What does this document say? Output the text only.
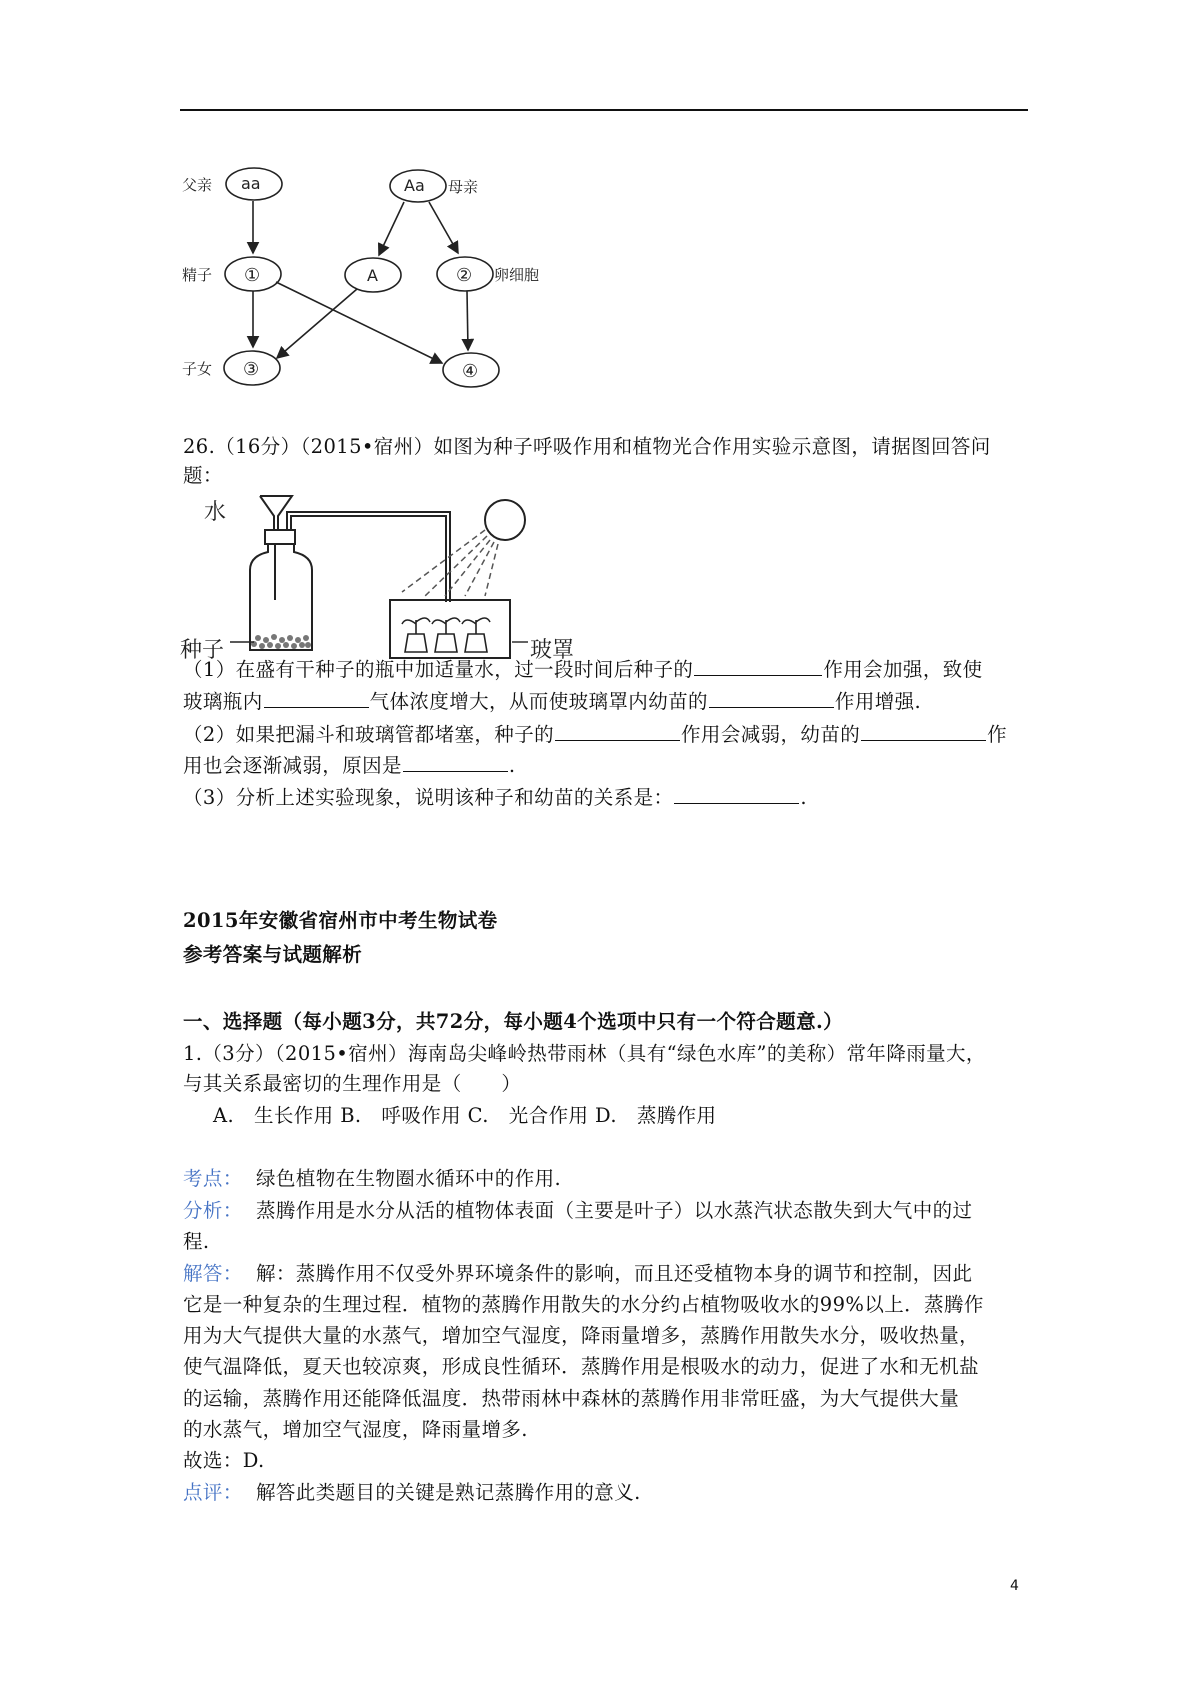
父亲 aa	Aa 母亲
精子 ①	A	② 卵细胞
子女 ③	④
26.（16分）（2015•宿州）如图为种子呼吸作用和植物光合作用实验示意图，请据图回答问
题：
水
种子	玻罩
（1）在盛有干种子的瓶中加适量水，过一段时间后种子的	作用会加强，致使
玻璃瓶内	气体浓度增大，从而使玻璃罩内幼苗的	作用增强.
（2）如果把漏斗和玻璃管都堵塞，种子的	作用会减弱，幼苗的	作
用也会逐渐减弱，原因是	.
（3）分析上述实验现象，说明该种子和幼苗的关系是：	.
2015年安徽省宿州市中考生物试卷
参考答案与试题解析
一、选择题（每小题3分，共72分，每小题4个选项中只有一个符合题意.）
1.（3分）（2015•宿州）海南岛尖峰岭热带雨林（具有“绿色水库”的美称）常年降雨量大，
与其关系最密切的生理作用是（　　）
A.　生长作用 B.　呼吸作用 C.　光合作用 D.　蒸腾作用
考点： 绿色植物在生物圈水循环中的作用.
分析： 蒸腾作用是水分从活的植物体表面（主要是叶子）以水蒸汽状态散失到大气中的过
程.
解答： 解：蒸腾作用不仅受外界环境条件的影响，而且还受植物本身的调节和控制，因此
它是一种复杂的生理过程．植物的蒸腾作用散失的水分约占植物吸收水的99%以上．蒸腾作
用为大气提供大量的水蒸气，增加空气湿度，降雨量增多，蒸腾作用散失水分，吸收热量，
使气温降低，夏天也较凉爽，形成良性循环．蒸腾作用是根吸水的动力，促进了水和无机盐
的运输，蒸腾作用还能降低温度．热带雨林中森林的蒸腾作用非常旺盛，为大气提供大量
的水蒸气，增加空气湿度，降雨量增多.
故选：D.
点评： 解答此类题目的关键是熟记蒸腾作用的意义.
4
